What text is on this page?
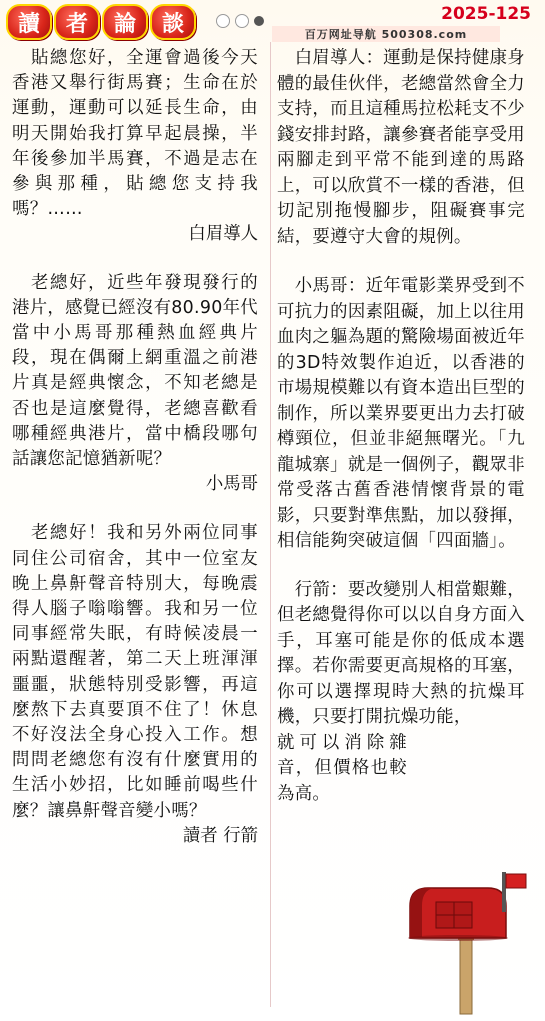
讀	者	論	談	2025-125
百万网址导航 500308.com

　貼總您好，全運會過後今天香港又舉行街馬賽；生命在於運動，運動可以延長生命，由明天開始我打算早起晨操，半年後參加半馬賽，不過是志在參與那種，貼總您支持我嗎？……

白眉導人

　老總好，近些年發現發行的港片，感覺已經沒有80.90年代當中小馬哥那種熱血經典片段，現在偶爾上網重溫之前港片真是經典懷念，不知老總是否也是這麼覺得，老總喜歡看哪種經典港片，當中橋段哪句話讓您記憶猶新呢？

小馬哥

　老總好！我和另外兩位同事同住公司宿舍，其中一位室友晚上鼻鼾聲音特別大，每晚震得人腦子嗡嗡響。我和另一位同事經常失眠，有時候凌晨一兩點還醒著，第二天上班渾渾噩噩，狀態特別受影響，再這麼熬下去真要頂不住了！休息不好沒法全身心投入工作。想問問老總您有沒有什麼實用的生活小妙招，比如睡前喝些什麼？讓鼻鼾聲音變小嗎？

讀者 行箭

　白眉導人：運動是保持健康身體的最佳伙伴，老總當然會全力支持，而且這種馬拉松耗支不少錢安排封路，讓參賽者能享受用兩腳走到平常不能到達的馬路上，可以欣賞不一樣的香港，但切記別拖慢腳步，阻礙賽事完結，要遵守大會的規例。

　小馬哥：近年電影業界受到不可抗力的因素阻礙，加上以往用血肉之軀為題的驚險場面被近年的3D特效製作迫近，以香港的市場規模難以有資本造出巨型的制作，所以業界要更出力去打破樽頸位，但並非絕無曙光。「九龍城寨」就是一個例子，觀眾非常受落古舊香港情懷背景的電影，只要對準焦點，加以發揮，相信能夠突破這個「四面牆」。

　行箭：要改變別人相當艱難，但老總覺得你可以以自身方面入手，耳塞可能是你的低成本選擇。若你需要更高規格的耳塞，你可以選擇現時大熱的抗燥耳機，只要打開抗燥功能，

就可以消除雜音，但價格也較為高。
